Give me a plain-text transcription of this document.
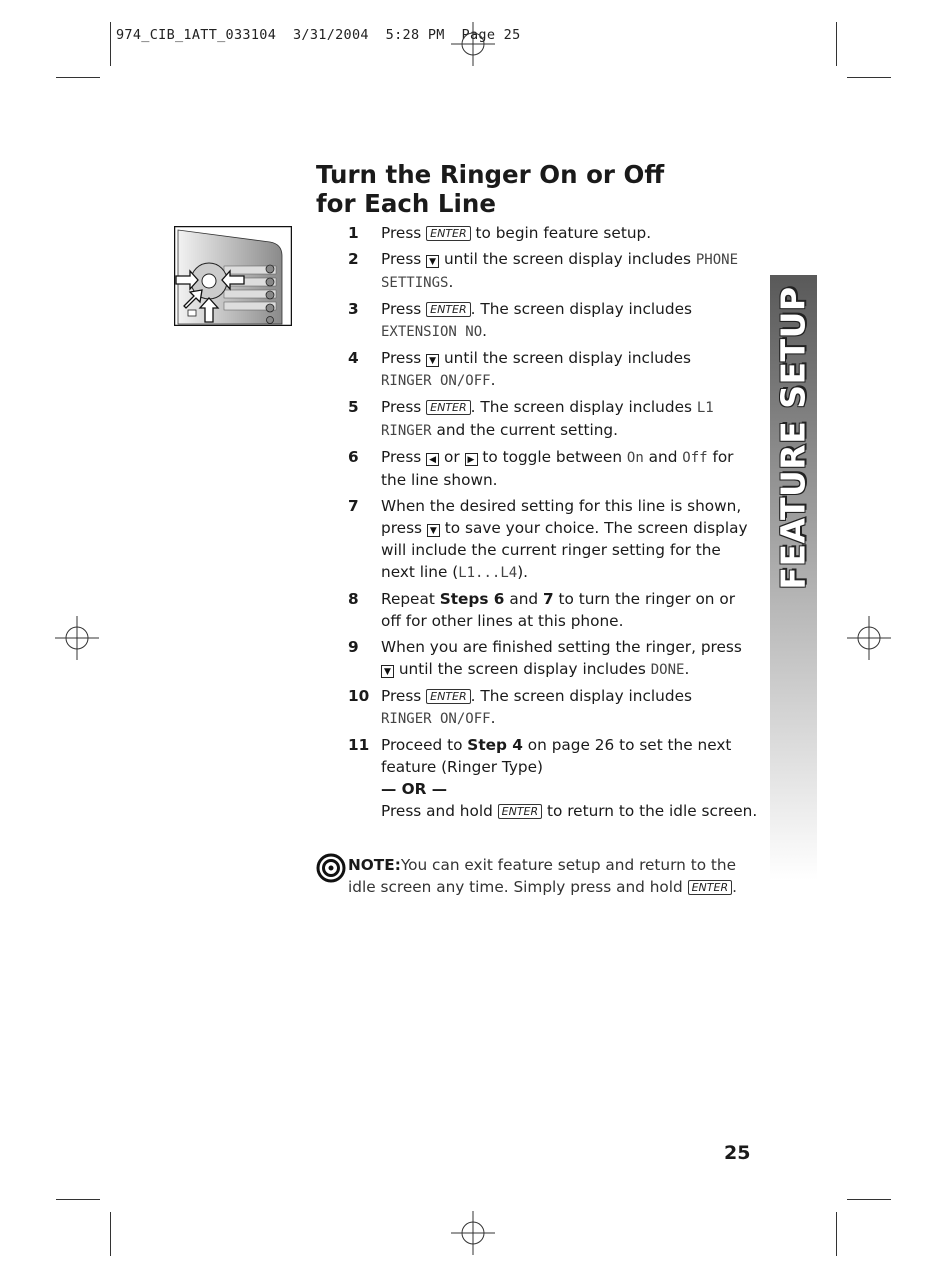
974_CIB_1ATT_033104  3/31/2004  5:28 PM  Page 25
Turn the Ringer On or Off
for Each Line
1 Press ENTER to begin feature setup.
2 Press ▼ until the screen display includes PHONE SETTINGS.
3 Press ENTER . The screen display includes
EXTENSION NO.
4 Press ▼ until the screen display includes
RINGER ON/OFF.
5 Press ENTER . The screen display includes L1 RINGER and the current setting.
6 Press ◀ or ▶ to toggle between On and Off for the line shown.
7 When the desired setting for this line is shown, press ▼ to save your choice. The screen display will include the current ringer setting for the next line (L1...L4).
8 Repeat Steps 6 and 7 to turn the ringer on or off for other lines at this phone.
9 When you are finished setting the ringer, press ▼ until the screen display includes DONE.
10 Press ENTER . The screen display includes
RINGER ON/OFF.
11 Proceed to Step 4 on page 26 to set the next feature (Ringer Type)
— OR —
Press and hold ENTER to return to the idle screen.
NOTE:You can exit feature setup and return to the idle screen any time. Simply press and hold ENTER .
FEATURE SETUP
25
